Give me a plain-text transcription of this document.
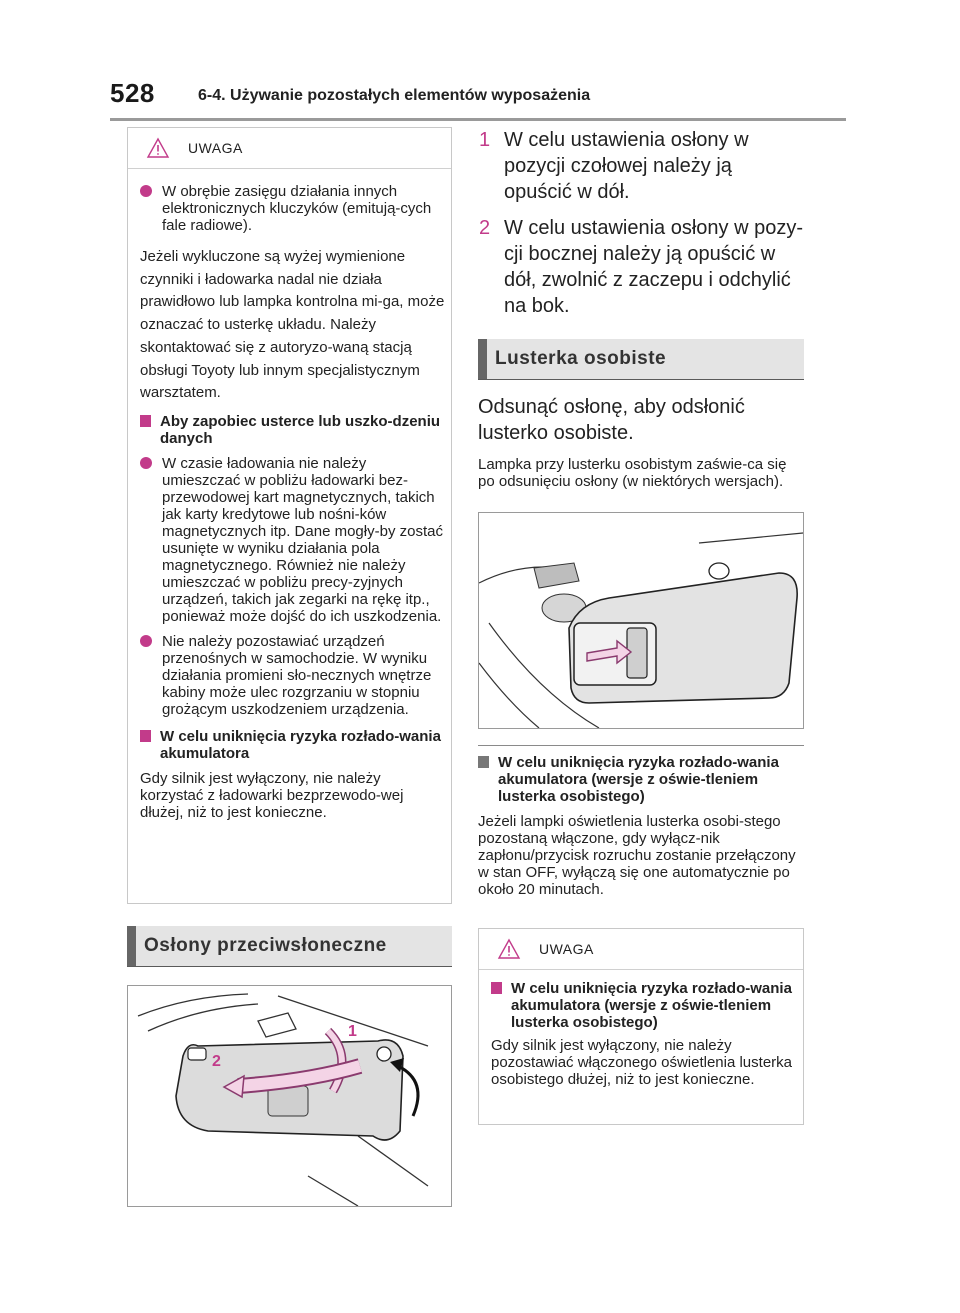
528	6-4. Używanie pozostałych elementów wyposażenia
UWAGA
W obrębie zasięgu działania innych elektronicznych kluczyków (emitują-cych fale radiowe).
Jeżeli wykluczone są wyżej wymienione czynniki i ładowarka nadal nie działa prawidłowo lub lampka kontrolna mi-ga, może oznaczać to usterkę układu. Należy skontaktować się z autoryzo-waną stacją obsługi Toyoty lub innym specjalistycznym warsztatem.
Aby zapobiec usterce lub uszko-dzeniu danych
W czasie ładowania nie należy umieszczać w pobliżu ładowarki bez-przewodowej kart magnetycznych, takich jak karty kredytowe lub nośni-ków magnetycznych itp. Dane mogły-by zostać usunięte w wyniku działania pola magnetycznego. Również nie należy umieszczać w pobliżu precy-zyjnych urządzeń, takich jak zegarki na rękę itp., ponieważ może dojść do ich uszkodzenia.
Nie należy pozostawiać urządzeń przenośnych w samochodzie. W wyniku działania promieni sło-necznych wnętrze kabiny może ulec rozgrzaniu w stopniu grożącym uszkodzeniem urządzenia.
W celu uniknięcia ryzyka rozłado-wania akumulatora
Gdy silnik jest wyłączony, nie należy korzystać z ładowarki bezprzewodo-wej dłużej, niż to jest konieczne.
Osłony przeciwsłoneczne
1
2
1 W celu ustawienia osłony w pozycji czołowej należy ją opuścić w dół.
2 W celu ustawienia osłony w pozy-cji bocznej należy ją opuścić w dół, zwolnić z zaczepu i odchylić na bok.
Lusterka osobiste
Odsunąć osłonę, aby odsłonić lusterko osobiste.
Lampka przy lusterku osobistym zaświe-ca się po odsunięciu osłony (w niektórych wersjach).
W celu uniknięcia ryzyka rozłado-wania akumulatora (wersje z oświe-tleniem lusterka osobistego)
Jeżeli lampki oświetlenia lusterka osobi-stego pozostaną włączone, gdy wyłącz-nik zapłonu/przycisk rozruchu zostanie przełączony w stan OFF, wyłączą się one automatycznie po około 20 minutach.
UWAGA
W celu uniknięcia ryzyka rozłado-wania akumulatora (wersje z oświe-tleniem lusterka osobistego)
Gdy silnik jest wyłączony, nie należy pozostawiać włączonego oświetlenia lusterka osobistego dłużej, niż to jest konieczne.
